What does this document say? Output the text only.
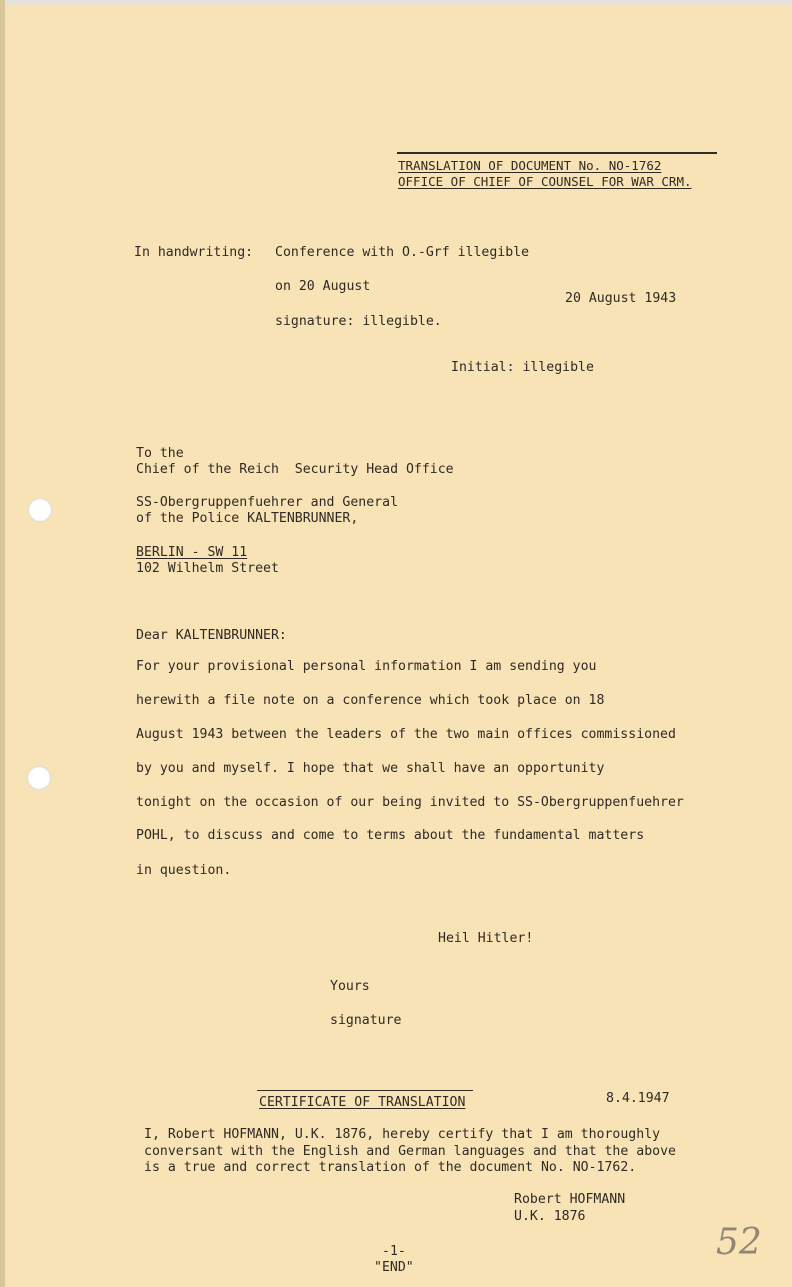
TRANSLATION OF DOCUMENT No. NO-1762
OFFICE OF CHIEF OF COUNSEL FOR WAR CRM.
In handwriting: Conference with O.-Grf illegible
on 20 August
20 August 1943
signature: illegible.
Initial: illegible
To the
Chief of the Reich  Security Head Office
SS-Obergruppenfuehrer and General
of the Police KALTENBRUNNER,
BERLIN - SW 11
102 Wilhelm Street
Dear KALTENBRUNNER:
For your provisional personal information I am sending you
herewith a file note on a conference which took place on 18
August 1943 between the leaders of the two main offices commissioned
by you and myself. I hope that we shall have an opportunity
tonight on the occasion of our being invited to SS-Obergruppenfuehrer
POHL, to discuss and come to terms about the fundamental matters
in question.
Heil Hitler!
Yours
signature
CERTIFICATE OF TRANSLATION	8.4.1947
I, Robert HOFMANN, U.K. 1876, hereby certify that I am thoroughly
conversant with the English and German languages and that the above
is a true and correct translation of the document No. NO-1762.
Robert HOFMANN
U.K. 1876
-1-
"END"
52
